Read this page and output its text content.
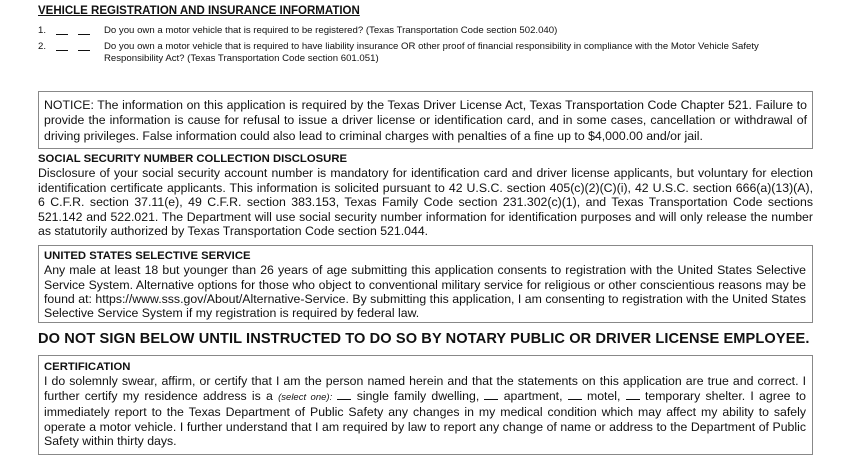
VEHICLE REGISTRATION AND INSURANCE INFORMATION
1.	Do you own a motor vehicle that is required to be registered? (Texas Transportation Code section 502.040)
2.	Do you own a motor vehicle that is required to have liability insurance OR other proof of financial responsibility in compliance with the Motor Vehicle Safety Responsibility Act? (Texas Transportation Code section 601.051)
NOTICE: The information on this application is required by the Texas Driver License Act, Texas Transportation Code Chapter 521. Failure to provide the information is cause for refusal to issue a driver license or identification card, and in some cases, cancellation or withdrawal of driving privileges. False information could also lead to criminal charges with penalties of a fine up to $4,000.00 and/or jail.
SOCIAL SECURITY NUMBER COLLECTION DISCLOSURE
Disclosure of your social security account number is mandatory for identification card and driver license applicants, but voluntary for election identification certificate applicants. This information is solicited pursuant to 42 U.S.C. section 405(c)(2)(C)(i), 42 U.S.C. section 666(a)(13)(A), 6 C.F.R. section 37.11(e), 49 C.F.R. section 383.153, Texas Family Code section 231.302(c)(1), and Texas Transportation Code sections 521.142 and 522.021. The Department will use social security number information for identification purposes and will only release the number as statutorily authorized by Texas Transportation Code section 521.044.
UNITED STATES SELECTIVE SERVICE
Any male at least 18 but younger than 26 years of age submitting this application consents to registration with the United States Selective Service System. Alternative options for those who object to conventional military service for religious or other conscientious reasons may be found at: https://www.sss.gov/About/Alternative-Service. By submitting this application, I am consenting to registration with the United States Selective Service System if my registration is required by federal law.
DO NOT SIGN BELOW UNTIL INSTRUCTED TO DO SO BY NOTARY PUBLIC OR DRIVER LICENSE EMPLOYEE.
CERTIFICATION
I do solemnly swear, affirm, or certify that I am the person named herein and that the statements on this application are true and correct. I further certify my residence address is a (select one): single family dwelling, apartment, motel, temporary shelter. I agree to immediately report to the Texas Department of Public Safety any changes in my medical condition which may affect my ability to safely operate a motor vehicle. I further understand that I am required by law to report any change of name or address to the Department of Public Safety within thirty days.
